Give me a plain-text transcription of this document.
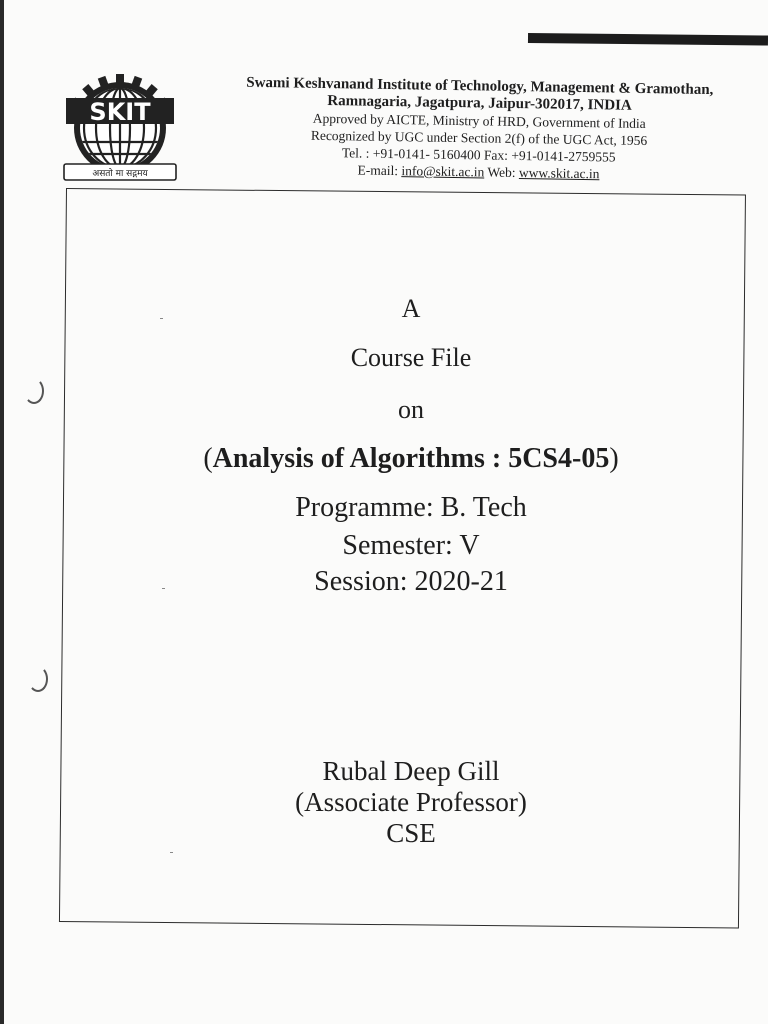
SKIT
असतो मा सद्गमय
Swami Keshvanand Institute of Technology, Management & Gramothan,
Ramnagaria, Jagatpura, Jaipur-302017, INDIA
Approved by AICTE, Ministry of HRD, Government of India
Recognized by UGC under Section 2(f) of the UGC Act, 1956
Tel. : +91-0141- 5160400 Fax: +91-0141-2759555
E-mail: info@skit.ac.in Web: www.skit.ac.in
A
Course File
on
(Analysis of Algorithms : 5CS4-05)
Programme: B. Tech
Semester: V
Session: 2020-21
Rubal Deep Gill
(Associate Professor)
CSE
